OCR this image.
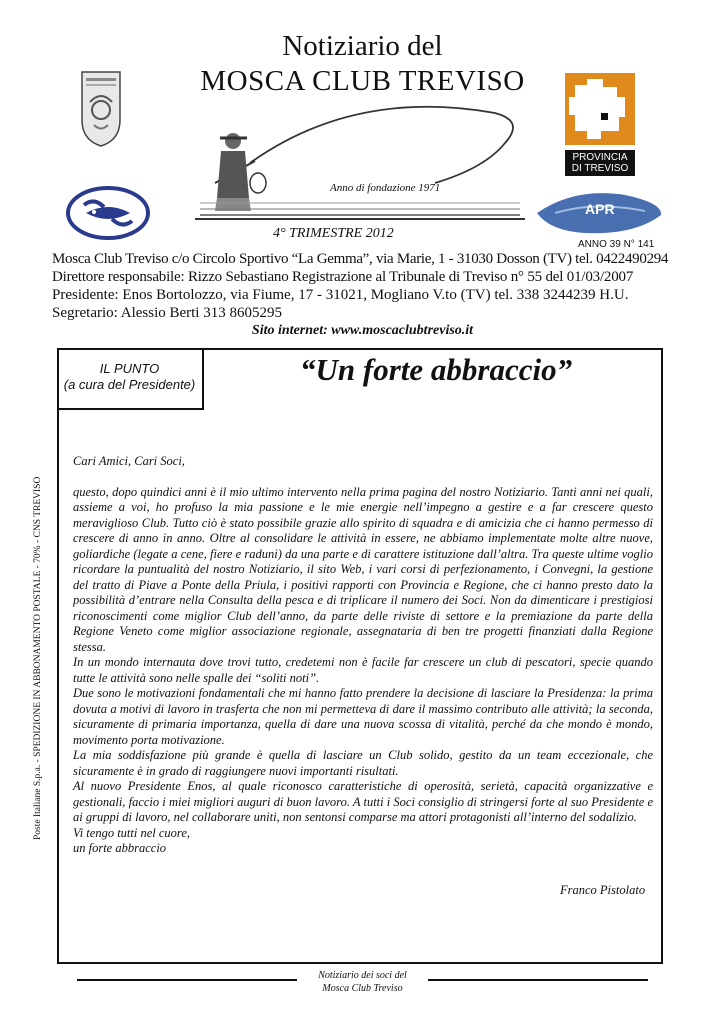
Notiziario del
MOSCA CLUB TREVISO
Anno di fondazione 1971
PROVINCIA
DI TREVISO
APR
4° TRIMESTRE 2012
ANNO 39 N° 141
Mosca Club Treviso c/o Circolo Sportivo “La Gemma”, via Marie, 1 - 31030 Dosson (TV) tel. 0422490294
Direttore responsabile: Rizzo Sebastiano Registrazione al Tribunale di Treviso n° 55 del 01/03/2007
Presidente: Enos Bortolozzo, via Fiume, 17 - 31021, Mogliano V.to (TV) tel. 338 3244239 H.U.
Segretario: Alessio Berti 313 8605295
Sito internet: www.moscaclubtreviso.it
IL PUNTO
(a cura del Presidente)	“Un forte abbraccio”

Cari Amici, Cari Soci,

questo, dopo quindici anni è il mio ultimo intervento nella prima pagina del nostro Notiziario. Tanti anni nei quali, assieme a voi, ho profuso la mia passione e le mie energie nell’impegno a gestire e a far crescere questo meraviglioso Club. Tutto ciò è stato possibile grazie allo spirito di squadra e di amicizia che ci hanno permesso di crescere di anno in anno. Oltre al consolidare le attività in essere, ne abbiamo implementate molte altre nuove, goliardiche (legate a cene, fiere e raduni) da una parte e di carattere istituzione dall’altra. Tra queste ultime voglio ricordare la puntualità del nostro Notiziario, il sito Web, i vari corsi di perfezionamento, i Convegni, la gestione del tratto di Piave a Ponte della Priula, i positivi rapporti con Provincia e Regione, che ci hanno presto dato la possibilità d’entrare nella Consulta della pesca e di triplicare il numero dei Soci. Non da dimenticare i prestigiosi riconoscimenti come miglior Club dell’anno, da parte delle riviste di settore e la premiazione da parte della Regione Veneto come miglior associazione regionale, assegnataria di ben tre progetti finanziati dalla Regione stessa.

In un mondo internauta dove trovi tutto, credetemi non è facile far crescere un club di pescatori, specie quando tutte le attività sono nelle spalle dei “soliti noti”.

Due sono le motivazioni fondamentali che mi hanno fatto prendere la decisione di lasciare la Presidenza: la prima dovuta a motivi di lavoro in trasferta che non mi permetteva di dare il massimo contributo alle attività; la seconda, sicuramente di primaria importanza, quella di dare una nuova scossa di vitalità, perché da che mondo è mondo, movimento porta motivazione.

La mia soddisfazione più grande è quella di lasciare un Club solido, gestito da un team eccezionale, che sicuramente è in grado di raggiungere nuovi importanti risultati.

Al nuovo Presidente Enos, al quale riconosco caratteristiche di operosità, serietà, capacità organizzative e gestionali, faccio i miei migliori auguri di buon lavoro. A tutti i Soci consiglio di stringersi forte al suo Presidente e ai gruppi di lavoro, nel collaborare uniti, non sentonsi comparse ma attori protagonisti all’interno del sodalizio.

Vi tengo tutti nel cuore,

un forte abbraccio

Franco Pistolato
Poste Italiane S.p.a. - SPEDIZIONE IN ABBONAMENTO POSTALE - 70% - CNS TREVISO
Notiziario dei soci del
Mosca Club Treviso
